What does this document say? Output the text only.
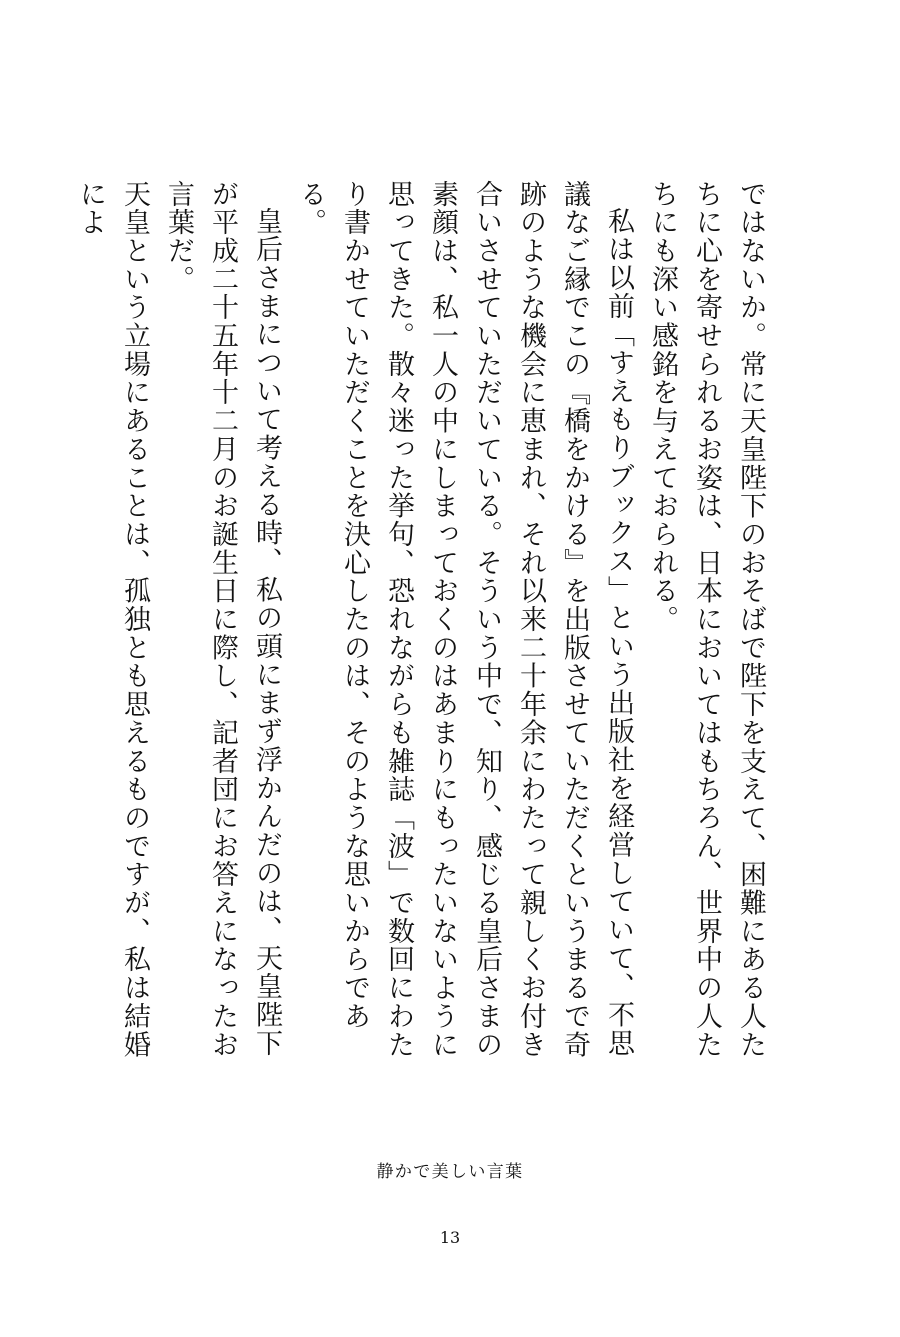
ではないか。常に天皇陛下のおそばで陛下を支えて、困難にある人たちに心を寄せられるお姿は、日本においてはもちろん、世界中の人たちにも深い感銘を与えておられる。

私は以前「すえもりブックス」という出版社を経営していて、不思議なご縁でこの『橋をかける』を出版させていただくというまるで奇跡のような機会に恵まれ、それ以来二十年余にわたって親しくお付き合いさせていただいている。そういう中で、知り、感じる皇后さまの素顔は、私一人の中にしまっておくのはあまりにもったいないように思ってきた。散々迷った挙句、恐れながらも雑誌「波」で数回にわたり書かせていただくことを決心したのは、そのような思いからである。

皇后さまについて考える時、私の頭にまず浮かんだのは、天皇陛下が平成二十五年十二月のお誕生日に際し、記者団にお答えになったお言葉だ。

天皇という立場にあることは、孤独とも思えるものですが、私は結婚によ

静かで美しい言葉
13
